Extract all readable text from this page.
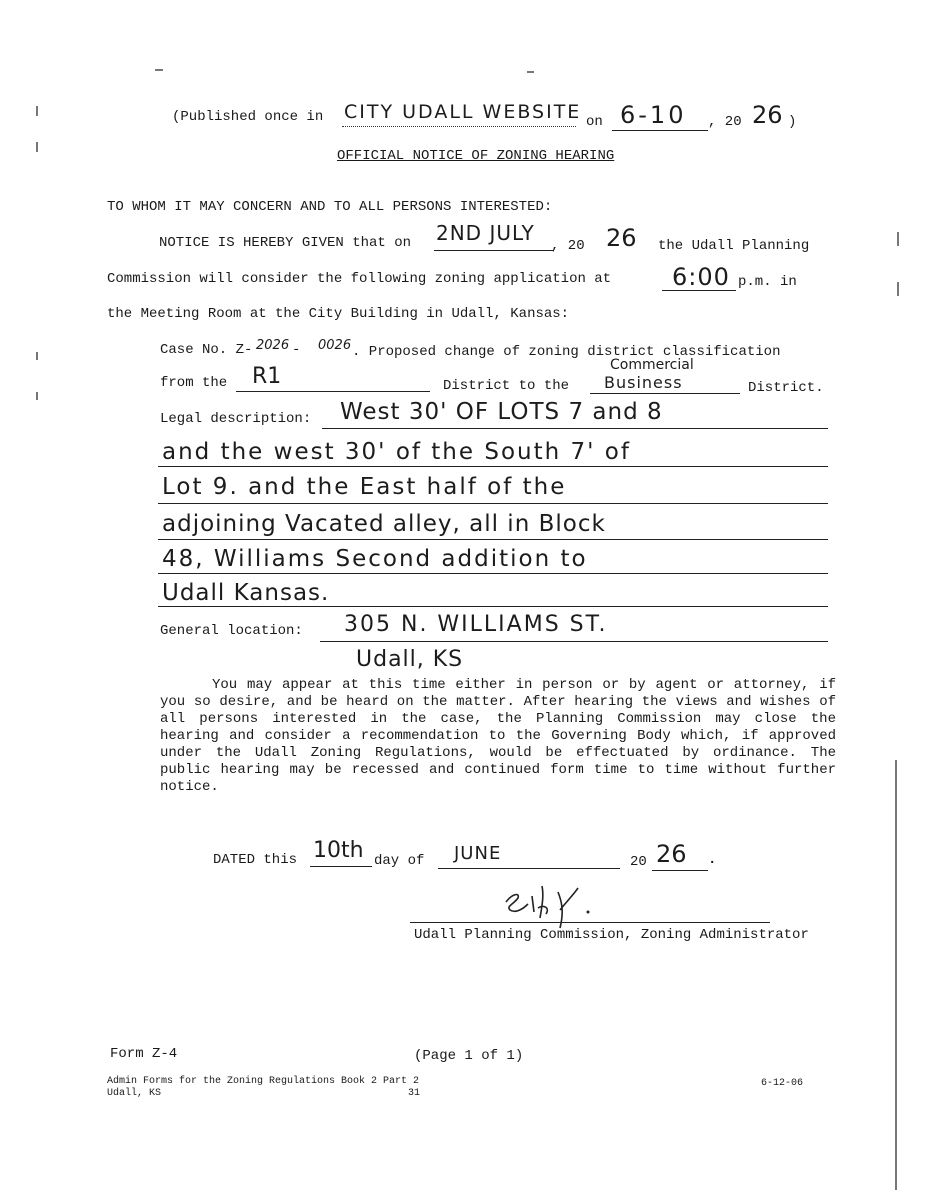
(Published once in CITY UDALL WEBSITE on 6-10 , 20 26 )
OFFICIAL NOTICE OF ZONING HEARING
TO WHOM IT MAY CONCERN AND TO ALL PERSONS INTERESTED:
NOTICE IS HEREBY GIVEN that on 2ND JULY
, 20 26 the Udall Planning
Commission will consider the following zoning application at	6:00 p.m. in
the Meeting Room at the City Building in Udall, Kansas:
Case No. Z- 2026 - 0026 . Proposed change of zoning district classification
from the R1	District to the
Commercial
Business	District.
Legal description: West 30' OF LOTS 7 and 8
and the west 30' of the South 7' of
Lot 9. and the East half of the
adjoining Vacated alley, all in Block
48, Williams Second addition to
Udall Kansas.
General location: 305 N. WILLIAMS ST.
Udall, KS
You may appear at this time either in person or by agent or attorney, if you so desire, and be heard on the matter. After hearing the views and wishes of all persons interested in the case, the Planning Commission may close the hearing and consider a recommendation to the Governing Body which, if approved under the Udall Zoning Regulations, would be effectuated by ordinance. The public hearing may be recessed and continued form time to time without further notice.
DATED this 10th day of JUNE	20 26 .
Udall Planning Commission, Zoning Administrator
Form Z-4	(Page 1 of 1)
Admin Forms for the Zoning Regulations Book 2 Part 2
Udall, KS	31
6-12-06
